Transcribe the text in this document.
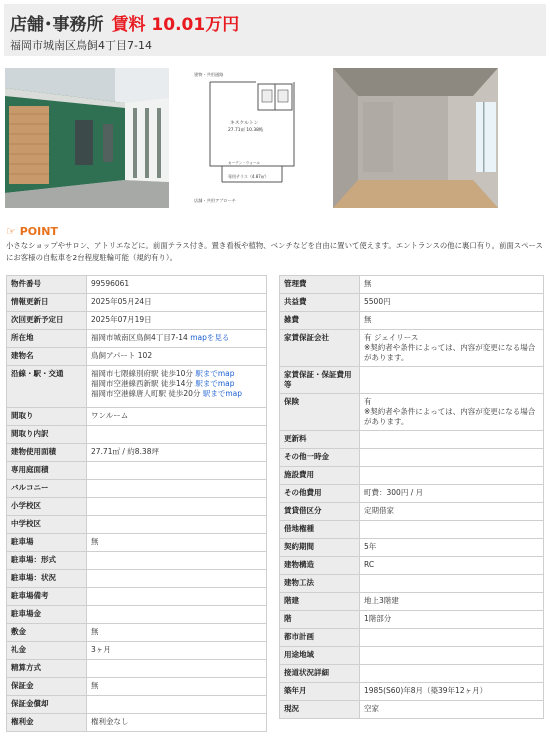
店舗･事務所 賃料 10.01万円
福岡市城南区鳥飼4丁目7-14
建物・共用通路
キスケルトン
27.71㎡ 10.38帖
カーテン・ウォール
専用テラス（4.87㎡）
店舗・共用アプローチ
☞ POINT
小さなショップやサロン、アトリエなどに。前面テラス付き。置き看板や植物、ベンチなどを自由に置いて使えます。エントランスの他に裏口有り。前面スペースにお客様の自転車を2台程度駐輪可能（規約有り）。
物件番号	99596061
情報更新日	2025年05月24日
次回更新予定日	2025年07月19日
所在地	福岡市城南区鳥飼4丁目7-14 mapを見る
建物名	鳥飼アパート 102
沿線・駅・交通	福岡市七隈線別府駅 徒歩10分 駅までmap
福岡市空港線西新駅 徒歩14分 駅までmap
福岡市空港線唐人町駅 徒歩20分 駅までmap

間取り	ワンルーム
間取り内訳	
建物使用面積	27.71㎡ / 約8.38坪
専用庭面積	
バルコニー	
小学校区	
中学校区	
駐車場	無
駐車場：形式	
駐車場：状況	
駐車場備考	
駐車場金	
敷金	無
礼金	3ヶ月
精算方式	
保証金	無
保証金償却	
権利金	権利金なし
管理費	無
共益費	5500円
雑費	無
家賃保証会社	有 ジェイリース
※契約者や条件によっては、内容が変更になる場合があります。
家賃保証・保証費用等	
保険	有
※契約者や条件によっては、内容が変更になる場合があります。
更新料	
その他一時金	
施設費用	
その他費用	町費：300円 / 月
賃貸借区分	定期借家
借地権種	
契約期間	5年
建物構造	RC
建物工法	
階建	地上3階建
階	1階部分
都市計画	
用途地域	
接道状況詳細	
築年月	1985(S60)年8月（築39年12ヶ月）
現況	空家
